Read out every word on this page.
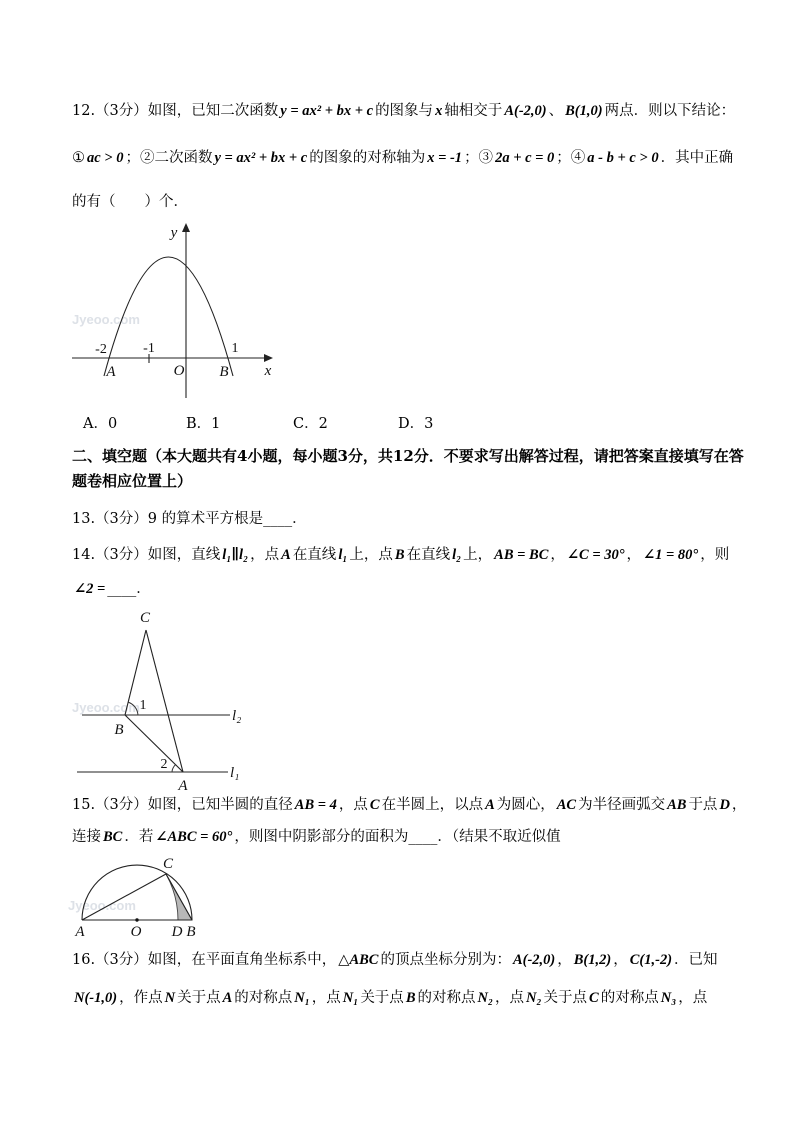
12.（3分）如图，已知二次函数 y = ax² + bx + c 的图象与 x 轴相交于 A(-2,0) 、 B(1,0) 两点．则以下结论：
① ac > 0 ；②二次函数 y = ax² + bx + c 的图象的对称轴为 x = -1 ；③ 2a + c = 0 ；④ a - b + c > 0 ．其中正确
的有（　　）个．
Jyeoo.com
y
x
O
A	B
-2	-1	1
A．0	B．1	C．2	D．3
二、填空题（本大题共有4小题，每小题3分，共12分．不要求写出解答过程，请把答案直接填写在答
题卷相应位置上）
13.（3分）9 的算术平方根是____．
14.（3分）如图，直线 l₁∥l₂ ，点 A 在直线 l₁ 上，点 B 在直线 l₂ 上， AB = BC ， ∠C = 30° ， ∠1 = 80° ，则
∠2 = ____．
Jyeoo.com
C
B
A
l₂
l₁
1
2
15.（3分）如图，已知半圆的直径 AB = 4 ，点 C 在半圆上，以点 A 为圆心， AC 为半径画弧交 AB 于点 D ，
连接 BC ．若 ∠ABC = 60° ，则图中阴影部分的面积为____．（结果不取近似值
Jyeoo.com
C
A	O D B
16.（3分）如图，在平面直角坐标系中， △ABC 的顶点坐标分别为： A(-2,0) ， B(1,2) ， C(1,-2) ．已知
N(-1,0) ，作点 N 关于点 A 的对称点 N₁ ，点 N₁ 关于点 B 的对称点 N₂ ，点 N₂ 关于点 C 的对称点 N₃ ，点
